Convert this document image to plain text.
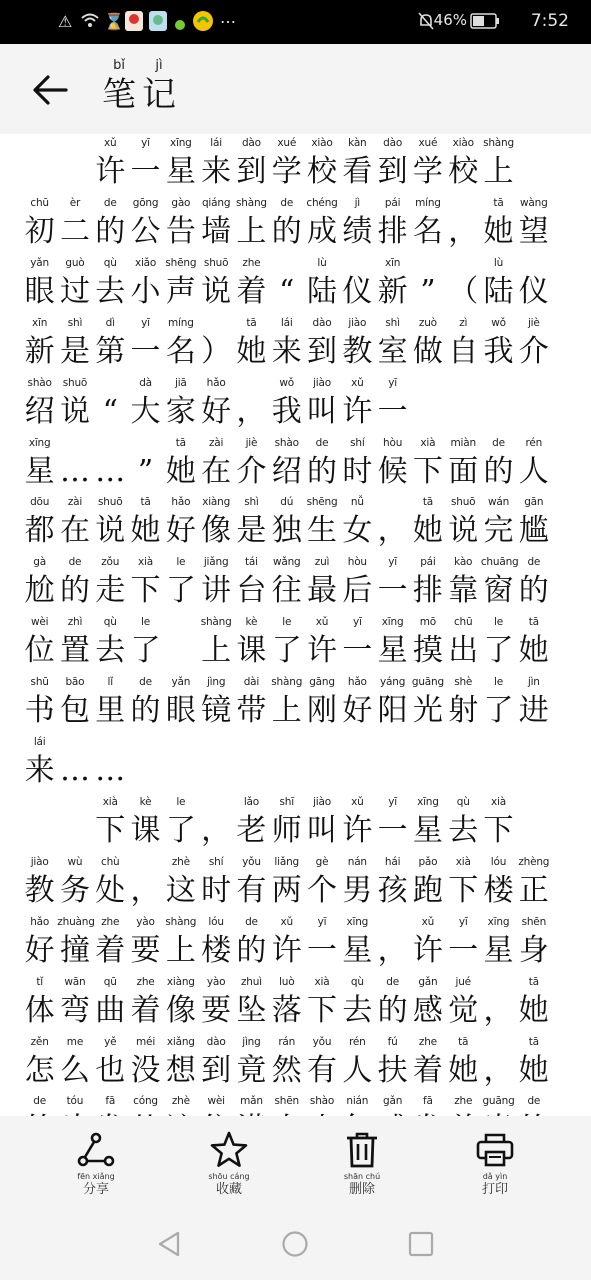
⚠ ⌛	…	46%	7:52
bǐ
笔
jì
记
xǔ
许
yī
一
xīng
星
lái
来
dào
到
xué
学
xiào
校
kàn
看
dào
到
xué
学
xiào
校
shàng
上
chū
初
èr
二
de
的
gōng
公
gào
告
qiáng
墙
shàng
上
de
的
chéng
成
jì
绩
pái
排
míng
名 ，
tā
她
wàng
望
yǎn
眼
guò
过
qù
去
xiǎo
小
shēng
声
shuō
说
zhe
着 “
lù
陆 仪
xīn
新 ” （
lù
陆 仪
xīn
新
shì
是
dì
第
yī
一
míng
名 ）
tā
她
lái
来
dào
到
jiào
教
shì
室
zuò
做
zì
自
wǒ
我
jiè
介
shào
绍
shuō
说 “
dà
大
jiā
家
hǎo
好 ，
wǒ
我
jiào
叫
xǔ
许
yī
一
xīng
星 … … ”
tā
她
zài
在
jiè
介
shào
绍
de
的
shí
时
hòu
候
xià
下
miàn
面
de
的
rén
人
dōu
都
zài
在
shuō
说
tā
她
hǎo
好
xiàng
像
shì
是
dú
独
shēng
生
nǚ
女 ，
tā
她
shuō
说
wán
完
gān
尴
gà
尬
de
的
zǒu
走
xià
下
le
了
jiǎng
讲
tái
台
wǎng
往
zuì
最
hòu
后
yī
一
pái
排
kào
靠
chuāng
窗
de
的
wèi
位
zhì
置
qù
去
le
了
shàng
上
kè
课
le
了
xǔ
许
yī
一
xīng
星
mō
摸
chū
出
le
了
tā
她
shū
书
bāo
包
lǐ
里
de
的
yǎn
眼
jìng
镜
dài
带
shàng
上
gāng
刚
hǎo
好
yáng
阳
guāng
光
shè
射
le
了
jìn
进
lái
来 … …
xià
下
kè
课
le
了 ，
lǎo
老
shī
师
jiào
叫
xǔ
许
yī
一
xīng
星
qù
去
xià
下
jiào
教
wù
务
chù
处 ，
zhè
这
shí
时
yǒu
有
liǎng
两
gè
个
nán
男
hái
孩
pǎo
跑
xià
下
lóu
楼
zhèng
正
hǎo
好
zhuàng
撞
zhe
着
yào
要
shàng
上
lóu
楼
de
的
xǔ
许
yī
一
xīng
星 ，
xǔ
许
yī
一
xīng
星
shēn
身
tǐ
体
wān
弯
qū
曲
zhe
着
xiàng
像
yào
要
zhuì
坠
luò
落
xià
下
qù
去
de
的
gǎn
感
jué
觉 ，
tā
她
zěn
怎
me
么
yě
也
méi
没
xiǎng
想
dào
到
jìng
竟
rán
然
yǒu
有
rén
人
fú
扶
zhe
着
tā
她 ，
tā
她
de	tóu	fā	cóng	zhè	wèi	mǎn	shēn	shào	nián	gǎn	fā	zhe guāng	de
fēn xiǎng
分享
shōu cáng
收藏
shān chú
删除
dǎ yìn
打印
